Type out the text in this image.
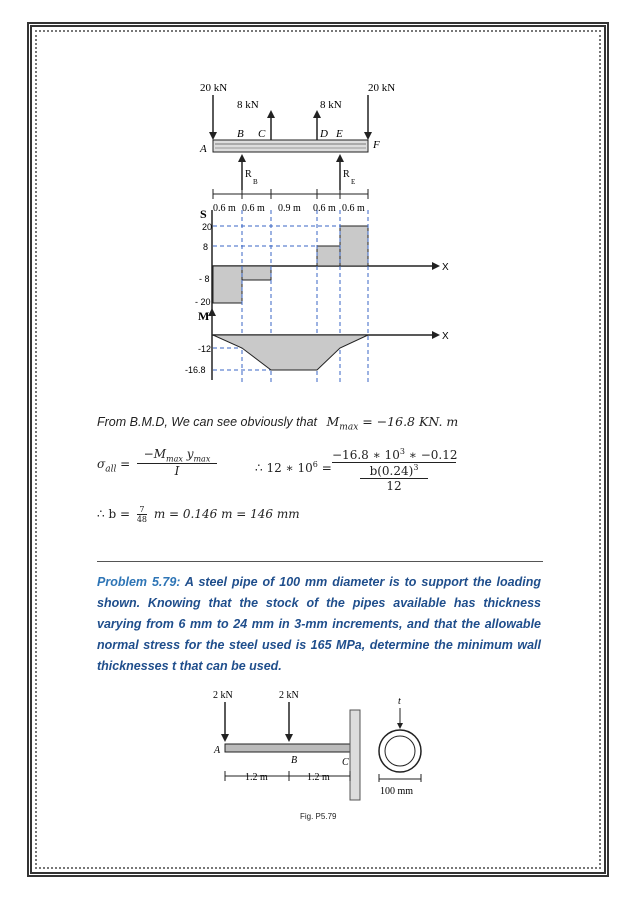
20 kN
8 kN	8 kN
20 kN
A
B C	D E
F
R
B
R
E
0.6 m 0.6 m 0.9 m 0.6 m 0.6 m
S
X
20
8
- 8
- 20
M
X
-12
-16.8
From B.M.D, We can see obviously that $M_{max} = -16.8$ KN. m
$\sigma_{all}$ =
$-M_{max}$ $y_{max}$
I	∴ 12 ∗ $10^6$ =
−16.8 ∗ $10^3$ ∗ −0.12
$b(0.24)^3$
12
∴ $b = \frac{7}{48}$ m = 0.146 m = 146 mm
Problem 5.79: A steel pipe of 100 mm diameter is to support the loading shown. Knowing that the stock of the pipes available has thickness varying from 6 mm to 24 mm in 3-mm increments, and that the allowable normal stress for the steel used is 165 MPa, determine the minimum wall thicknesses t that can be used.
2 kN	2 kN
A
B	C
1.2 m	1.2 m
t
100 mm
Fig. P5.79
